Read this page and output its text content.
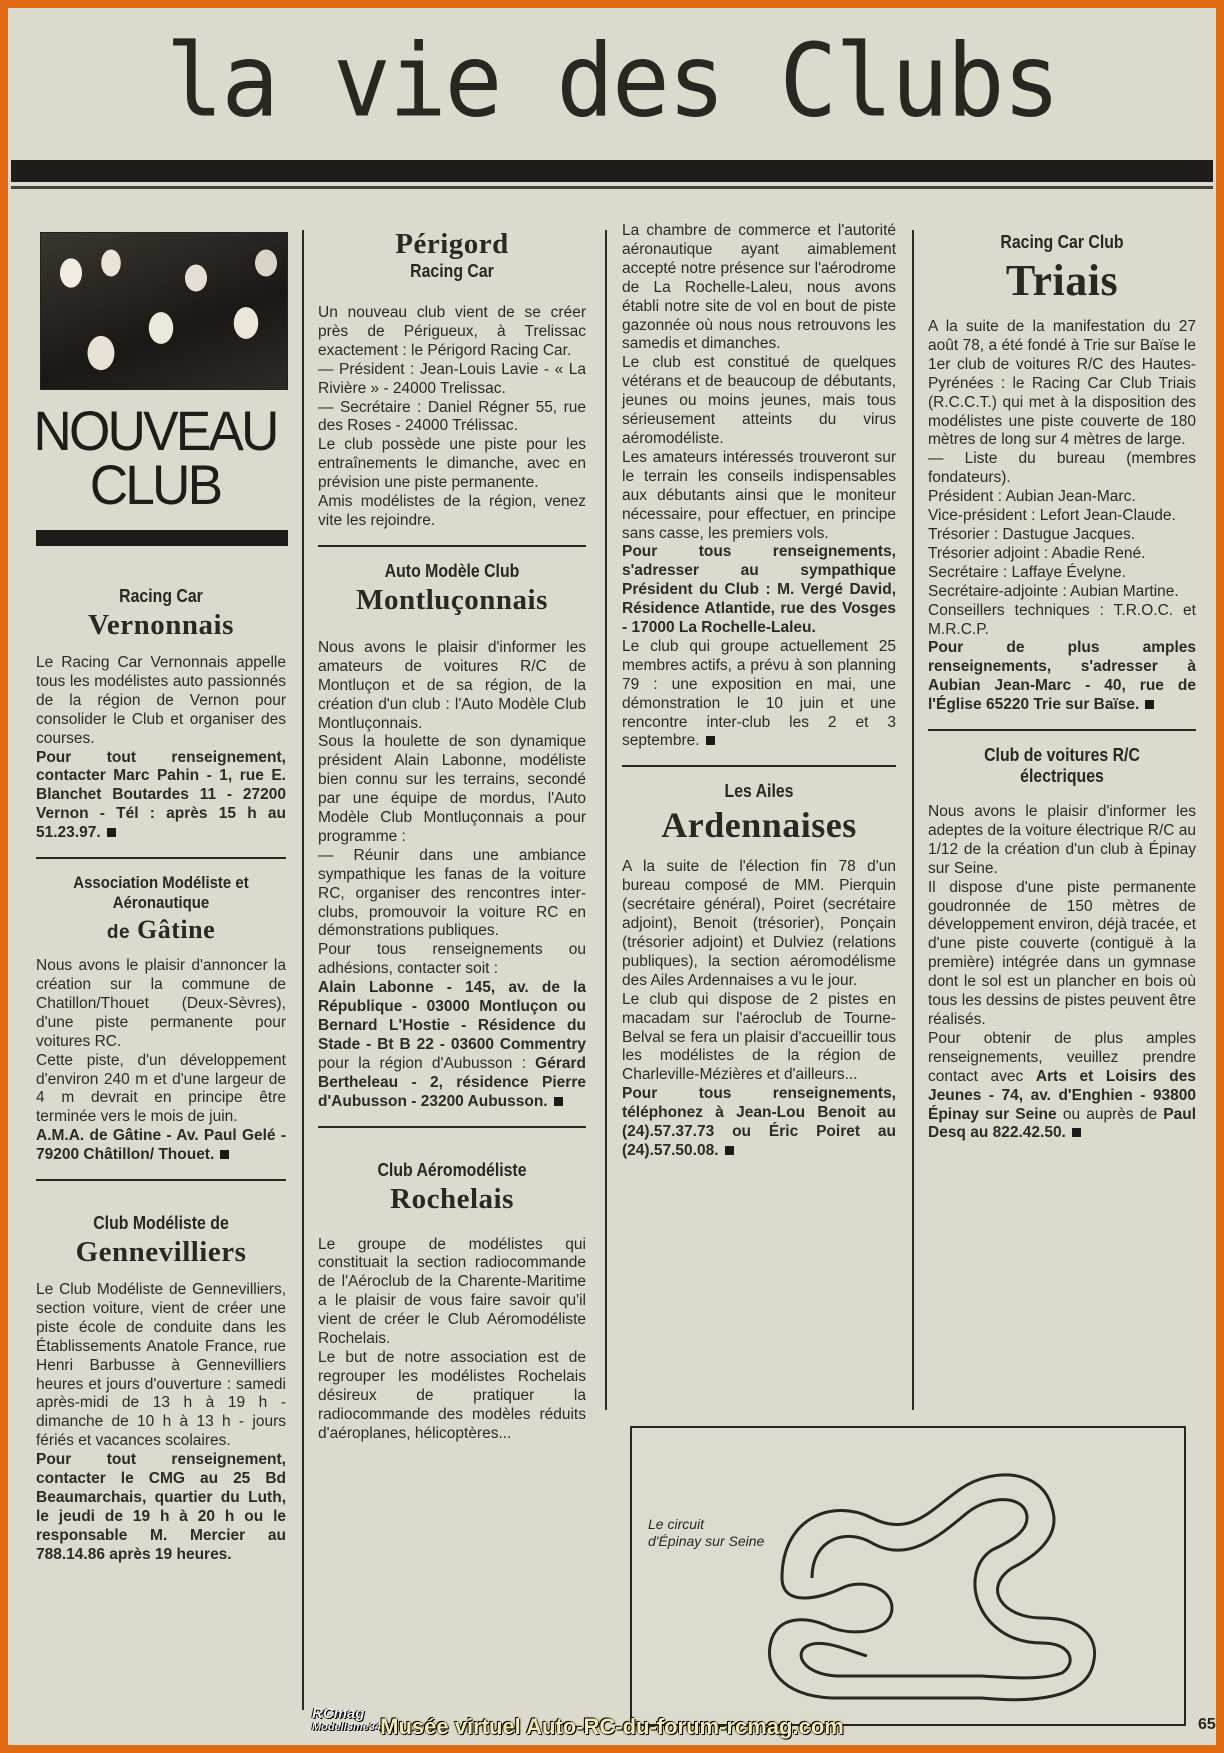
la vie des Clubs
NOUVEAU
CLUB
Racing Car
Vernonnais
Le Racing Car Vernonnais appelle tous les modélistes auto passionnés de la région de Vernon pour consolider le Club et organiser des courses.
Pour tout renseignement, contacter Marc Pahin - 1, rue E. Blanchet Boutardes 11 - 27200 Vernon - Tél : après 15 h au 51.23.97.
Association Modéliste et Aéronautique
de Gâtine
Nous avons le plaisir d'annoncer la création sur la commune de Chatillon/Thouet (Deux-Sèvres), d'une piste permanente pour voitures RC.
Cette piste, d'un développement d'environ 240 m et d'une largeur de 4 m devrait en principe être terminée vers le mois de juin.
A.M.A. de Gâtine - Av. Paul Gelé - 79200 Châtillon/ Thouet.
Club Modéliste de
Gennevilliers
Le Club Modéliste de Gennevilliers, section voiture, vient de créer une piste école de conduite dans les Établissements Anatole France, rue Henri Barbusse à Gennevilliers heures et jours d'ouverture : samedi après-midi de 13 h à 19 h - dimanche de 10 h à 13 h - jours fériés et vacances scolaires.
Pour tout renseignement, contacter le CMG au 25 Bd Beaumarchais, quartier du Luth, le jeudi de 19 h à 20 h ou le responsable M. Mercier au 788.14.86 après 19 heures.
Périgord
Racing Car
Un nouveau club vient de se créer près de Périgueux, à Trelissac exactement : le Périgord Racing Car.
— Président : Jean-Louis Lavie - « La Rivière » - 24000 Trelissac.
— Secrétaire : Daniel Régner 55, rue des Roses - 24000 Trélissac.
Le club possède une piste pour les entraînements le dimanche, avec en prévision une piste permanente.
Amis modélistes de la région, venez vite les rejoindre.
Auto Modèle Club
Montluçonnais
Nous avons le plaisir d'informer les amateurs de voitures R/C de Montluçon et de sa région, de la création d'un club : l'Auto Modèle Club Montluçonnais.
Sous la houlette de son dynamique président Alain Labonne, modéliste bien connu sur les terrains, secondé par une équipe de mordus, l'Auto Modèle Club Montluçonnais a pour programme :
— Réunir dans une ambiance sympathique les fanas de la voiture RC, organiser des rencontres inter-clubs, promouvoir la voiture RC en démonstrations publiques.
Pour tous renseignements ou adhésions, contacter soit :
Alain Labonne - 145, av. de la République - 03000 Montluçon ou Bernard L'Hostie - Résidence du Stade - Bt B 22 - 03600 Commentry pour la région d'Aubusson : Gérard Bertheleau - 2, résidence Pierre d'Aubusson - 23200 Aubusson.
Club Aéromodéliste
Rochelais
Le groupe de modélistes qui constituait la section radiocommande de l'Aéroclub de la Charente-Maritime a le plaisir de vous faire savoir qu'il vient de créer le Club Aéromodéliste Rochelais.
Le but de notre association est de regrouper les modélistes Rochelais désireux de pratiquer la radiocommande des modèles réduits d'aéroplanes, hélicoptères...
La chambre de commerce et l'autorité aéronautique ayant aimablement accepté notre présence sur l'aérodrome de La Rochelle-Laleu, nous avons établi notre site de vol en bout de piste gazonnée où nous nous retrouvons les samedis et dimanches.
Le club est constitué de quelques vétérans et de beaucoup de débutants, jeunes ou moins jeunes, mais tous sérieusement atteints du virus aéromodéliste.
Les amateurs intéressés trouveront sur le terrain les conseils indispensables aux débutants ainsi que le moniteur nécessaire, pour effectuer, en principe sans casse, les premiers vols.
Pour tous renseignements, s'adresser au sympathique Président du Club : M. Vergé David, Résidence Atlantide, rue des Vosges - 17000 La Rochelle-Laleu.
Le club qui groupe actuellement 25 membres actifs, a prévu à son planning 79 : une exposition en mai, une démonstration le 10 juin et une rencontre inter-club les 2 et 3 septembre.
Les Ailes
Ardennaises
A la suite de l'élection fin 78 d'un bureau composé de MM. Pierquin (secrétaire général), Poiret (secrétaire adjoint), Benoit (trésorier), Ponçain (trésorier adjoint) et Dulviez (relations publiques), la section aéromodélisme des Ailes Ardennaises a vu le jour.
Le club qui dispose de 2 pistes en macadam sur l'aéroclub de Tourne-Belval se fera un plaisir d'accueillir tous les modélistes de la région de Charleville-Mézières et d'ailleurs...
Pour tous renseignements, téléphonez à Jean-Lou Benoit au (24).57.37.73 ou Éric Poiret au (24).57.50.08.
Racing Car Club
Triais
A la suite de la manifestation du 27 août 78, a été fondé à Trie sur Baïse le 1er club de voitures R/C des Hautes-Pyrénées : le Racing Car Club Triais (R.C.C.T.) qui met à la disposition des modélistes une piste couverte de 180 mètres de long sur 4 mètres de large.
— Liste du bureau (membres fondateurs).
Président : Aubian Jean-Marc.
Vice-président : Lefort Jean-Claude.
Trésorier : Dastugue Jacques.
Trésorier adjoint : Abadie René.
Secrétaire : Laffaye Évelyne.
Secrétaire-adjointe : Aubian Martine.
Conseillers techniques : T.R.O.C. et M.R.C.P.
Pour de plus amples renseignements, s'adresser à Aubian Jean-Marc - 40, rue de l'Église 65220 Trie sur Baïse.
Club de voitures R/C électriques
Nous avons le plaisir d'informer les adeptes de la voiture électrique R/C au 1/12 de la création d'un club à Épinay sur Seine.
Il dispose d'une piste permanente goudronnée de 150 mètres de développement environ, déjà tracée, et d'une piste couverte (contiguë à la première) intégrée dans un gymnase dont le sol est un plancher en bois où tous les dessins de pistes peuvent être réalisés.
Pour obtenir de plus amples renseignements, veuillez prendre contact avec Arts et Loisirs des Jeunes - 74, av. d'Enghien - 93800 Épinay sur Seine ou auprès de Paul Desq au 822.42.50.
Le circuit
d'Épinay sur Seine
65
RCmag
Modelisme34.fr
Musée virtuel Auto-RC-du-forum-rcmag.com
